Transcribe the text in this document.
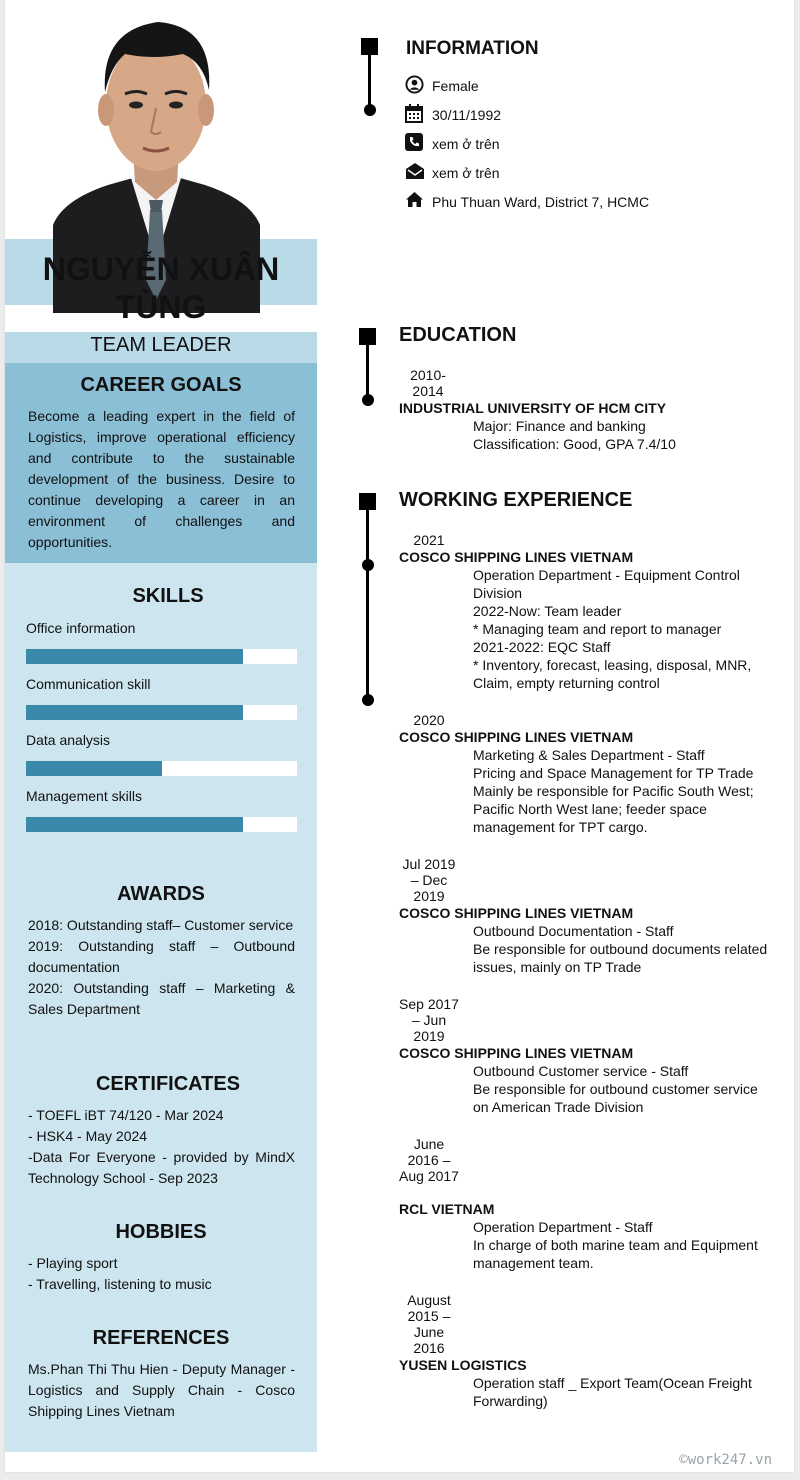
NGUYỄN XUÂN TÙNG
TEAM LEADER
CAREER GOALS
Become a leading expert in the field of Logistics, improve operational efficiency and contribute to the sustainable development of the business. Desire to continue developing a career in an environment of challenges and opportunities.
SKILLS
Office information
Communication skill
Data analysis
Management skills
AWARDS
2018: Outstanding staff– Customer service
2019: Outstanding staff – Outbound documentation
2020: Outstanding staff – Marketing & Sales Department
CERTIFICATES
- TOEFL iBT 74/120 - Mar 2024
- HSK4 - May 2024
-Data For Everyone - provided by MindX Technology School - Sep 2023
HOBBIES
- Playing sport
- Travelling, listening to music
REFERENCES
Ms.Phan Thi Thu Hien - Deputy Manager - Logistics and Supply Chain - Cosco Shipping Lines Vietnam
INFORMATION
Female
30/11/1992
xem ở trên
xem ở trên
Phu Thuan Ward, District 7, HCMC
EDUCATION
2010-2014
INDUSTRIAL UNIVERSITY OF HCM CITY
Major: Finance and banking
Classification: Good, GPA 7.4/10
WORKING EXPERIENCE
2021
COSCO SHIPPING LINES VIETNAM
Operation Department - Equipment Control Division
2022-Now: Team leader
* Managing team and report to manager
2021-2022: EQC Staff
* Inventory, forecast, leasing, disposal, MNR, Claim, empty returning control
2020
COSCO SHIPPING LINES VIETNAM
Marketing & Sales Department - Staff
Pricing and Space Management for TP Trade
Mainly be responsible for Pacific South West; Pacific North West lane; feeder space management for TPT cargo.
Jul 2019 – Dec 2019
COSCO SHIPPING LINES VIETNAM
Outbound Documentation - Staff
Be responsible for outbound documents related issues, mainly on TP Trade
Sep 2017 – Jun 2019
COSCO SHIPPING LINES VIETNAM
Outbound Customer service - Staff
Be responsible for outbound customer service on American Trade Division
June 2016 – Aug 2017
RCL VIETNAM
Operation Department - Staff
In charge of both marine team and Equipment management team.
August 2015 – June 2016
YUSEN LOGISTICS
Operation staff _ Export Team(Ocean Freight Forwarding)
©work247.vn
